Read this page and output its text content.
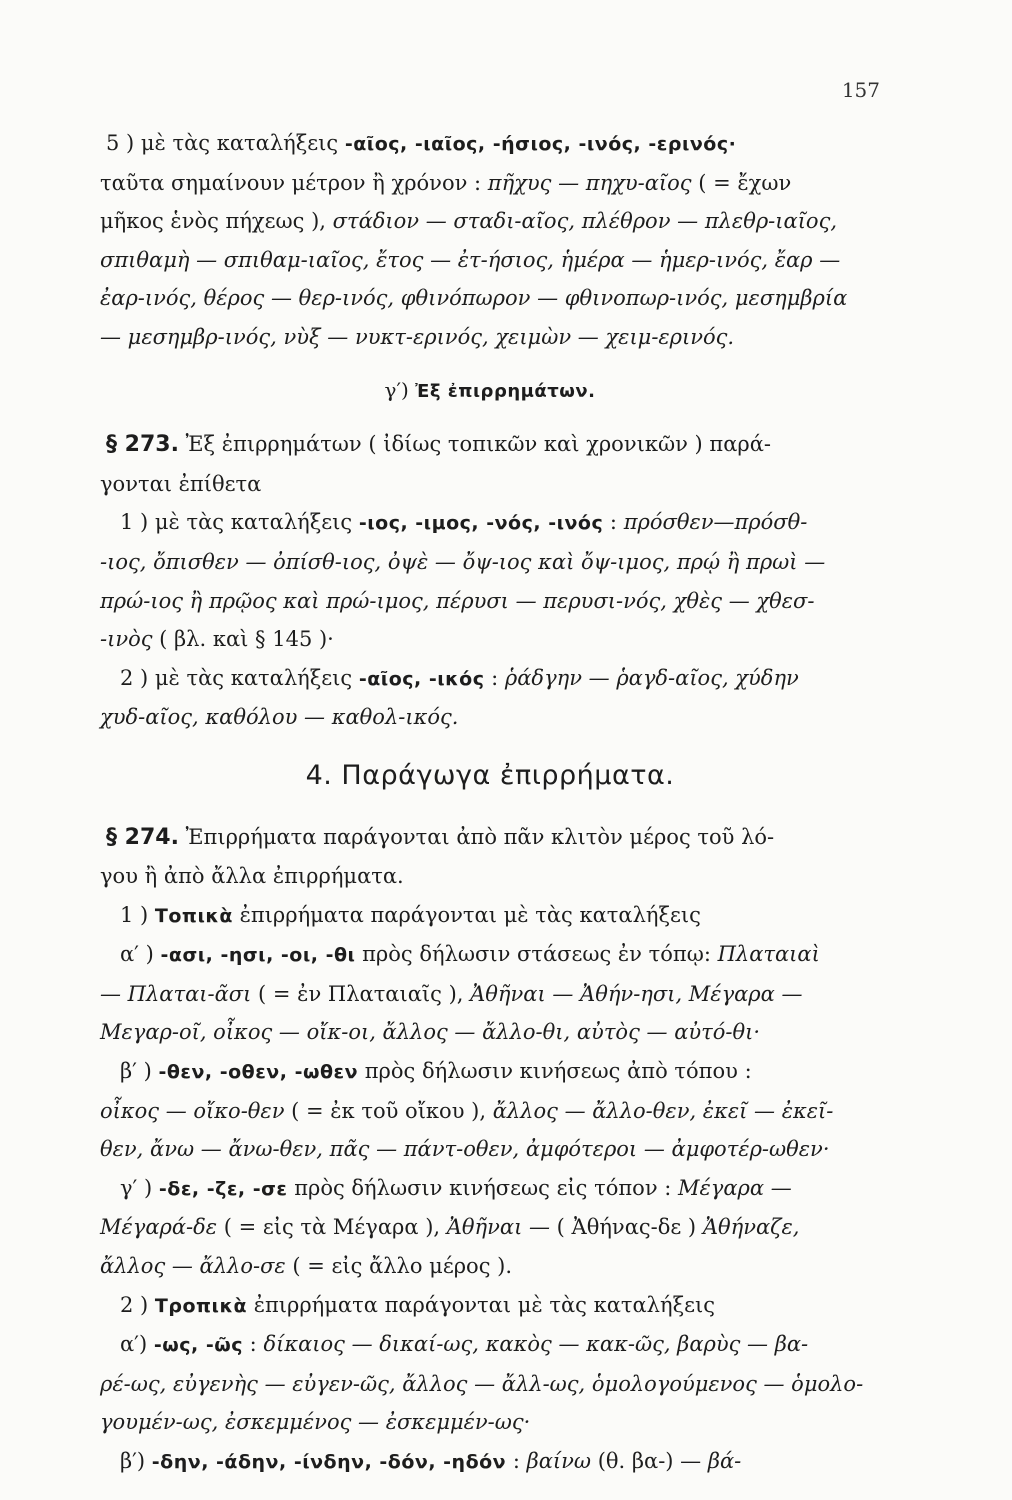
157

5 ) μὲ τὰς καταλήξεις -αῖος, -ιαῖος, -ήσιος, -ινός, -ερινός·

ταῦτα σημαίνουν μέτρον ἢ χρόνον : πῆχυς — πηχυ-αῖος ( = ἔχων

μῆκος ἑνὸς πήχεως ), στάδιον — σταδι-αῖος, πλέθρον — πλεθρ-ιαῖος,

σπιθαμὴ — σπιθαμ-ιαῖος, ἔτος — ἐτ-ήσιος, ἡμέρα — ἡμερ-ινός, ἔαρ —

ἐαρ-ινός, θέρος — θερ-ινός, φθινόπωρον — φθινοπωρ-ινός, μεσημβρία

— μεσημβρ-ινός, νὺξ — νυκτ-ερινός, χειμὼν — χειμ-ερινός.

γ′) Ἐξ ἐπιρρημάτων.

§ 273. Ἐξ ἐπιρρημάτων ( ἰδίως τοπικῶν καὶ χρονικῶν ) παρά-

γονται ἐπίθετα

1 ) μὲ τὰς καταλήξεις -ιος, -ιμος, -νός, -ινός : πρόσθεν—πρόσθ-

-ιος, ὄπισθεν — ὀπίσθ-ιος, ὀψὲ — ὄψ-ιος καὶ ὄψ-ιμος, πρῴ ἢ πρωὶ —

πρώ-ιος ἢ πρῷος καὶ πρώ-ιμος, πέρυσι — περυσι-νός, χθὲς — χθεσ-

-ινὸς ( βλ. καὶ § 145 )·

2 ) μὲ τὰς καταλήξεις -αῖος, -ικός : ῥάδγην — ῥαγδ-αῖος, χύδην

χυδ-αῖος, καθόλου — καθολ-ικός.

4. Παράγωγα ἐπιρρήματα.

§ 274. Ἐπιρρήματα παράγονται ἀπὸ πᾶν κλιτὸν μέρος τοῦ λό-

γου ἢ ἀπὸ ἄλλα ἐπιρρήματα.

1 ) Τοπικὰ ἐπιρρήματα παράγονται μὲ τὰς καταλήξεις

α′ ) -ασι, -ησι, -οι, -θι πρὸς δήλωσιν στάσεως ἐν τόπῳ: Πλαταιαὶ

— Πλαται-ᾶσι ( = ἐν Πλαταιαῖς ), Ἀθῆναι — Ἀθήν-ησι, Μέγαρα —

Μεγαρ-οῖ, οἶκος — οἴκ-οι, ἄλλος — ἄλλο-θι, αὐτὸς — αὐτό-θι·

β′ ) -θεν, -οθεν, -ωθεν πρὸς δήλωσιν κινήσεως ἀπὸ τόπου :

οἶκος — οἴκο-θεν ( = ἐκ τοῦ οἴκου ), ἄλλος — ἄλλο-θεν, ἐκεῖ — ἐκεῖ-

θεν, ἄνω — ἄνω-θεν, πᾶς — πάντ-οθεν, ἀμφότεροι — ἀμφοτέρ-ωθεν·

γ′ ) -δε, -ζε, -σε πρὸς δήλωσιν κινήσεως εἰς τόπον : Μέγαρα —

Μέγαρά-δε ( = εἰς τὰ Μέγαρα ), Ἀθῆναι — ( Ἀθήνας-δε ) Ἀθήναζε,

ἄλλος — ἄλλο-σε ( = εἰς ἄλλο μέρος ).

2 ) Τροπικὰ ἐπιρρήματα παράγονται μὲ τὰς καταλήξεις

α′) -ως, -ῶς : δίκαιος — δικαί-ως, κακὸς — κακ-ῶς, βαρὺς — βα-

ρέ-ως, εὐγενὴς — εὐγεν-ῶς, ἄλλος — ἄλλ-ως, ὁμολογούμενος — ὁμολο-

γουμέν-ως, ἐσκεμμένος — ἐσκεμμέν-ως·

β′) -δην, -άδην, -ίνδην, -δόν, -ηδόν : βαίνω (θ. βα-) — βά-
